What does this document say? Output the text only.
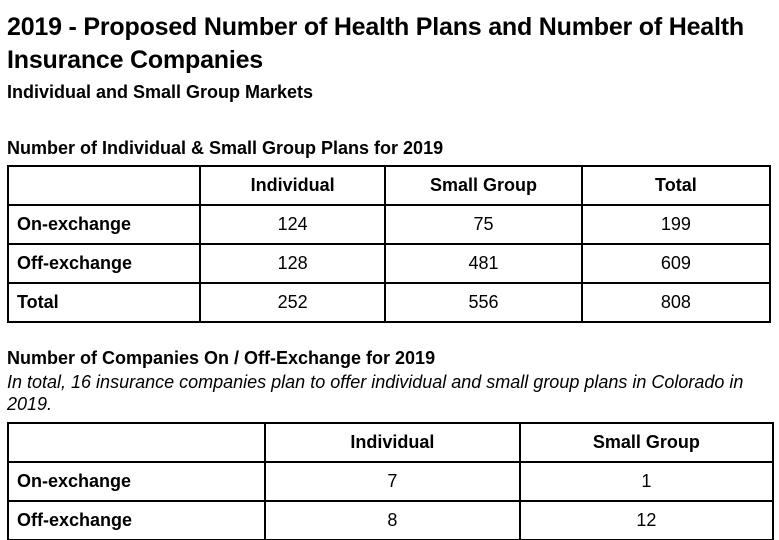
2019 - Proposed Number of Health Plans and Number of Health
Insurance Companies
Individual and Small Group Markets
Number of Individual & Small Group Plans for 2019
	Individual	Small Group	Total
On-exchange	124	75	199
Off-exchange	128	481	609
Total	252	556	808
Number of Companies On / Off-Exchange for 2019
In total, 16 insurance companies plan to offer individual and small group plans in Colorado in 2019.
	Individual	Small Group
On-exchange	7	1
Off-exchange	8	12
